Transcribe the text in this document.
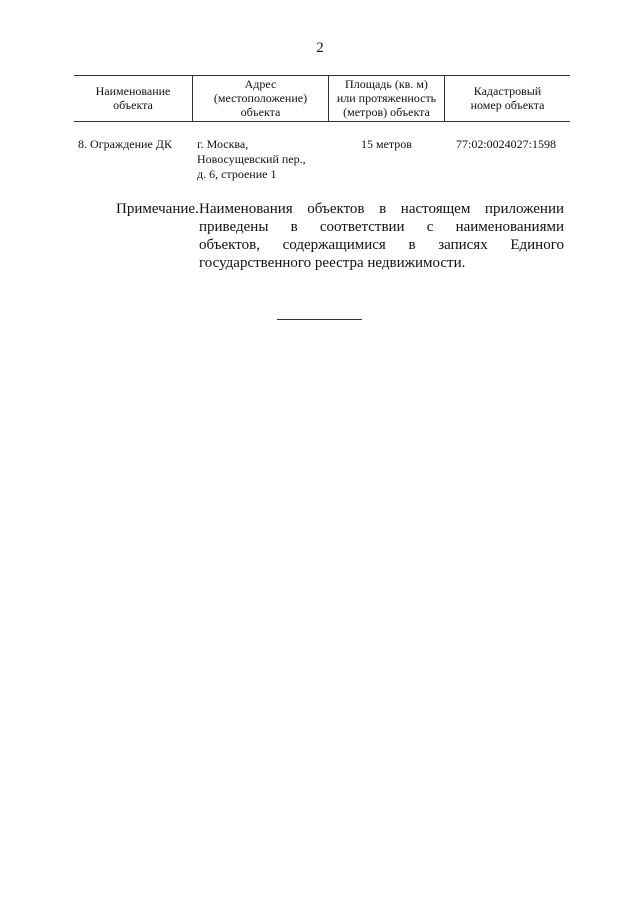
2
Наименование
объекта
Адрес
(местоположение)
объекта
Площадь (кв. м)
или протяженность
(метров) объекта
Кадастровый
номер объекта
8. Ограждение ДК г. Москва,
Новосущевский пер.,
д. 6, строение 1
15 метров	77:02:0024027:1598
Примечание. Наименования объектов в настоящем приложении
приведены в соответствии с наименованиями
объектов, содержащимися в записях Единого
государственного реестра недвижимости.
